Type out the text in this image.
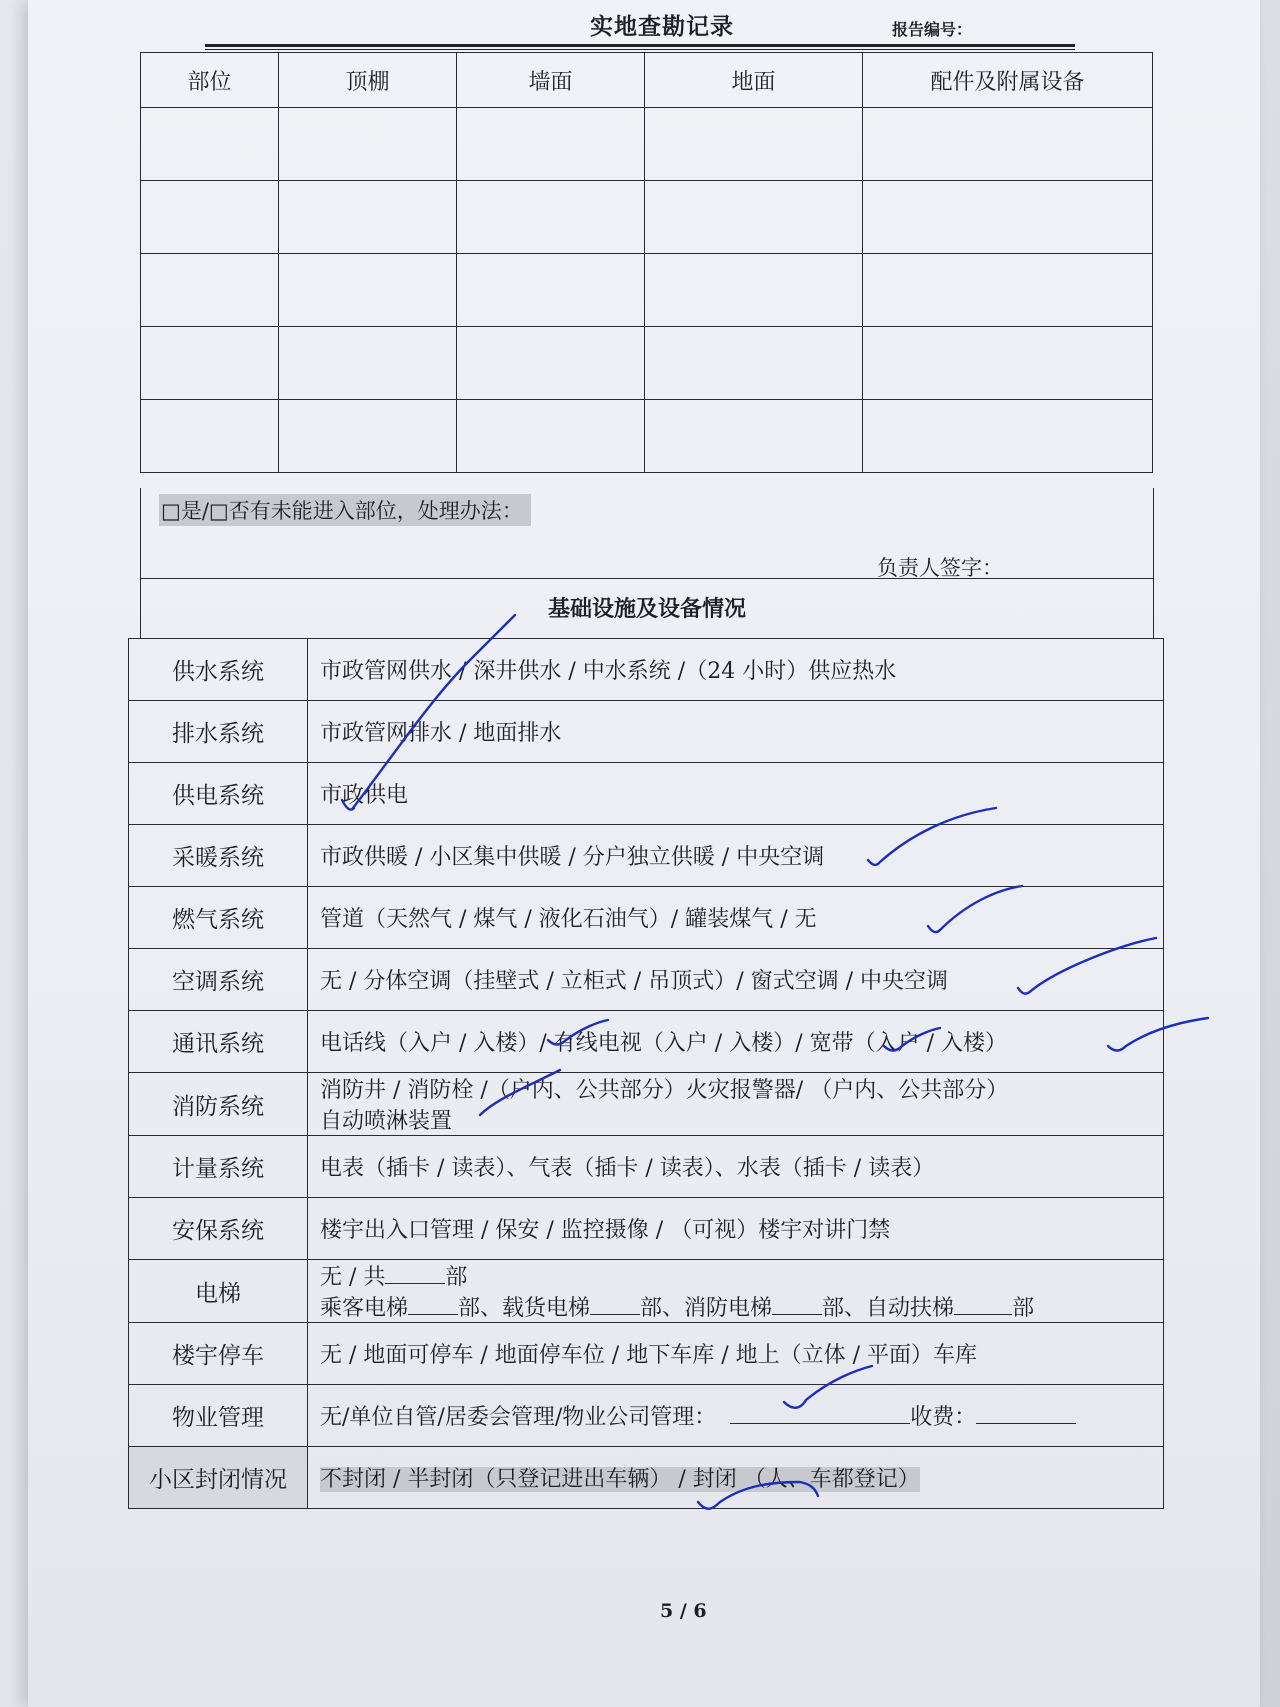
实地查勘记录	报告编号：
部位	顶棚	墙面	地面	配件及附属设备

□是/□否有未能进入部位，处理办法：
负责人签字：
基础设施及设备情况
供水系统	市政管网供水 / 深井供水 / 中水系统 /（24 小时）供应热水
排水系统	市政管网排水 / 地面排水
供电系统	市政供电
采暖系统	市政供暖 / 小区集中供暖 / 分户独立供暖 / 中央空调
燃气系统	管道（天然气 / 煤气 / 液化石油气）/ 罐装煤气 / 无
空调系统	无 / 分体空调（挂壁式 / 立柜式 / 吊顶式）/ 窗式空调 / 中央空调
通讯系统	电话线（入户 / 入楼）/ 有线电视（入户 / 入楼）/ 宽带（入户 / 入楼）
消防系统	消防井 / 消防栓 /（户内、公共部分）火灾报警器/ （户内、公共部分）
自动喷淋装置

计量系统	电表（插卡 / 读表）、气表（插卡 / 读表）、水表（插卡 / 读表）
安保系统	楼宇出入口管理 / 保安 / 监控摄像 / （可视）楼宇对讲门禁
电梯	无 / 共 部
乘客电梯 部、载货电梯 部、消防电梯 部、自动扶梯 部

楼宇停车	无 / 地面可停车 / 地面停车位 / 地下车库 / 地上（立体 / 平面）车库
物业管理	无/单位自管/居委会管理/物业公司管理： 收费：
小区封闭情况	不封闭 / 半封闭（只登记进出车辆） / 封闭 （人、车都登记）
5 / 6
